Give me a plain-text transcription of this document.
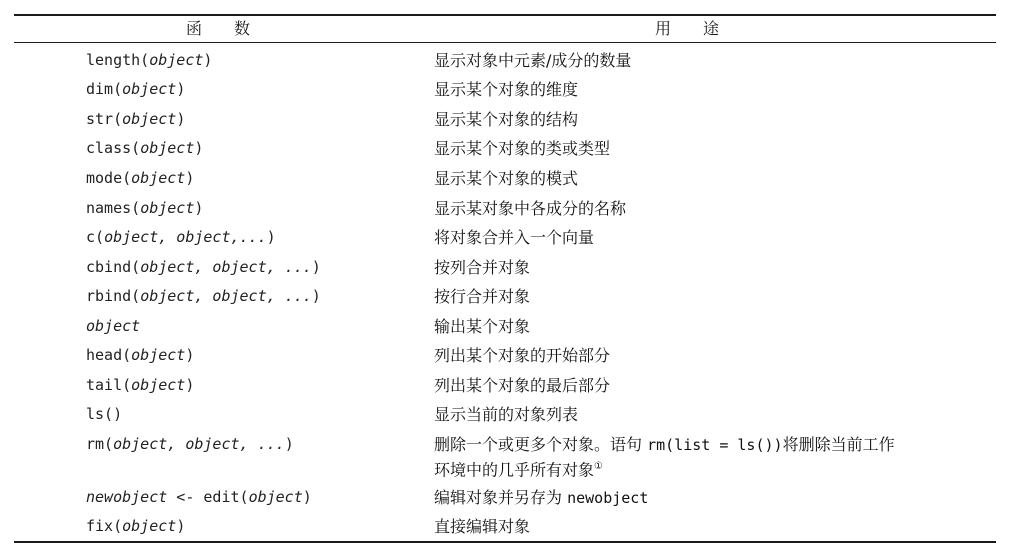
函数	用途
length(object)	显示对象中元素/成分的数量
dim(object)	显示某个对象的维度
str(object)	显示某个对象的结构
class(object)	显示某个对象的类或类型
mode(object)	显示某个对象的模式
names(object)	显示某对象中各成分的名称
c(object, object,...)	将对象合并入一个向量
cbind(object, object, ...)	按列合并对象
rbind(object, object, ...)	按行合并对象
object	输出某个对象
head(object)	列出某个对象的开始部分
tail(object)	列出某个对象的最后部分
ls()	显示当前的对象列表
rm(object, object, ...)	删除一个或更多个对象。语句 rm(list = ls())将删除当前工作
环境中的几乎所有对象①
newobject <- edit(object)	编辑对象并另存为 newobject
fix(object)	直接编辑对象
